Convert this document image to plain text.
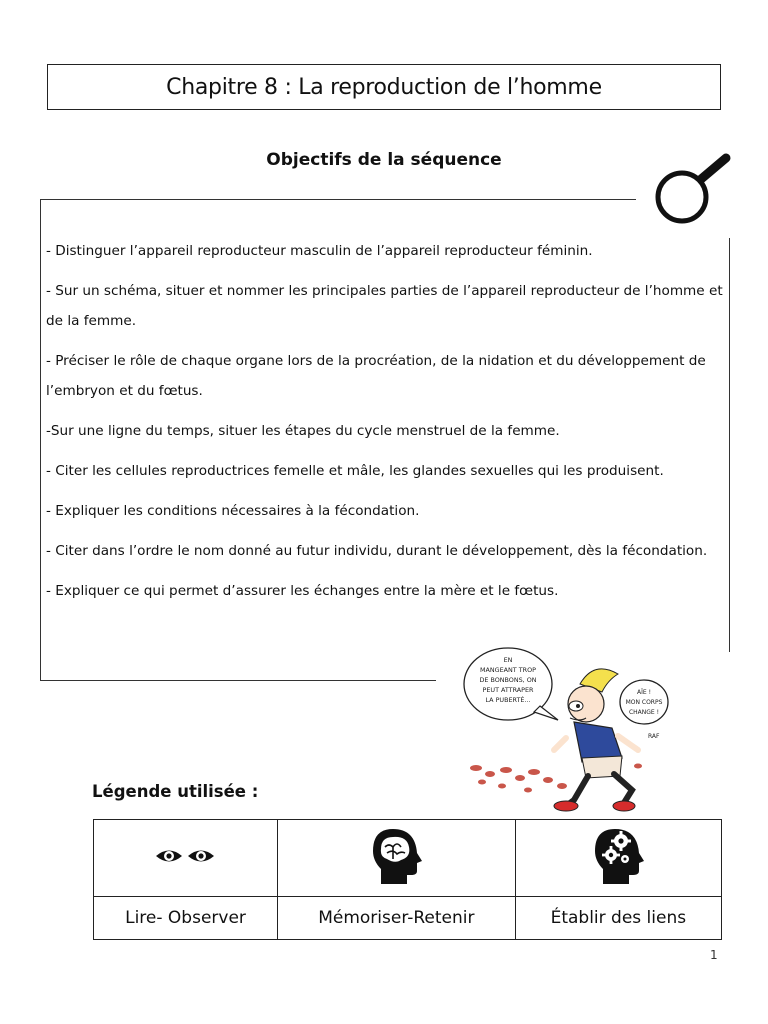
Chapitre 8 : La reproduction de l’homme
Objectifs de la séquence

- Distinguer l’appareil reproducteur masculin de l’appareil reproducteur féminin.

- Sur un schéma, situer et nommer les principales parties de l’appareil reproducteur de l’homme et de la femme.

- Préciser le rôle de chaque organe lors de la procréation, de la nidation et du développement de l’embryon et du fœtus.

-Sur une ligne du temps, situer les étapes du cycle menstruel de la femme.

- Citer les cellules reproductrices femelle et mâle, les glandes sexuelles qui les produisent.

- Expliquer les conditions nécessaires à la fécondation.

- Citer dans l’ordre le nom donné au futur individu, durant le développement, dès la fécondation.

- Expliquer ce qui permet d’assurer les échanges entre la mère et le fœtus.

EN
MANGEANT TROP
DE BONBONS, ON
PEUT ATTRAPER
LA PUBERTÉ...
AÏE !
MON CORPS
CHANGE !
RAF
Légende utilisée :

Lire- Observer	Mémoriser-Retenir	Établir des liens
1
